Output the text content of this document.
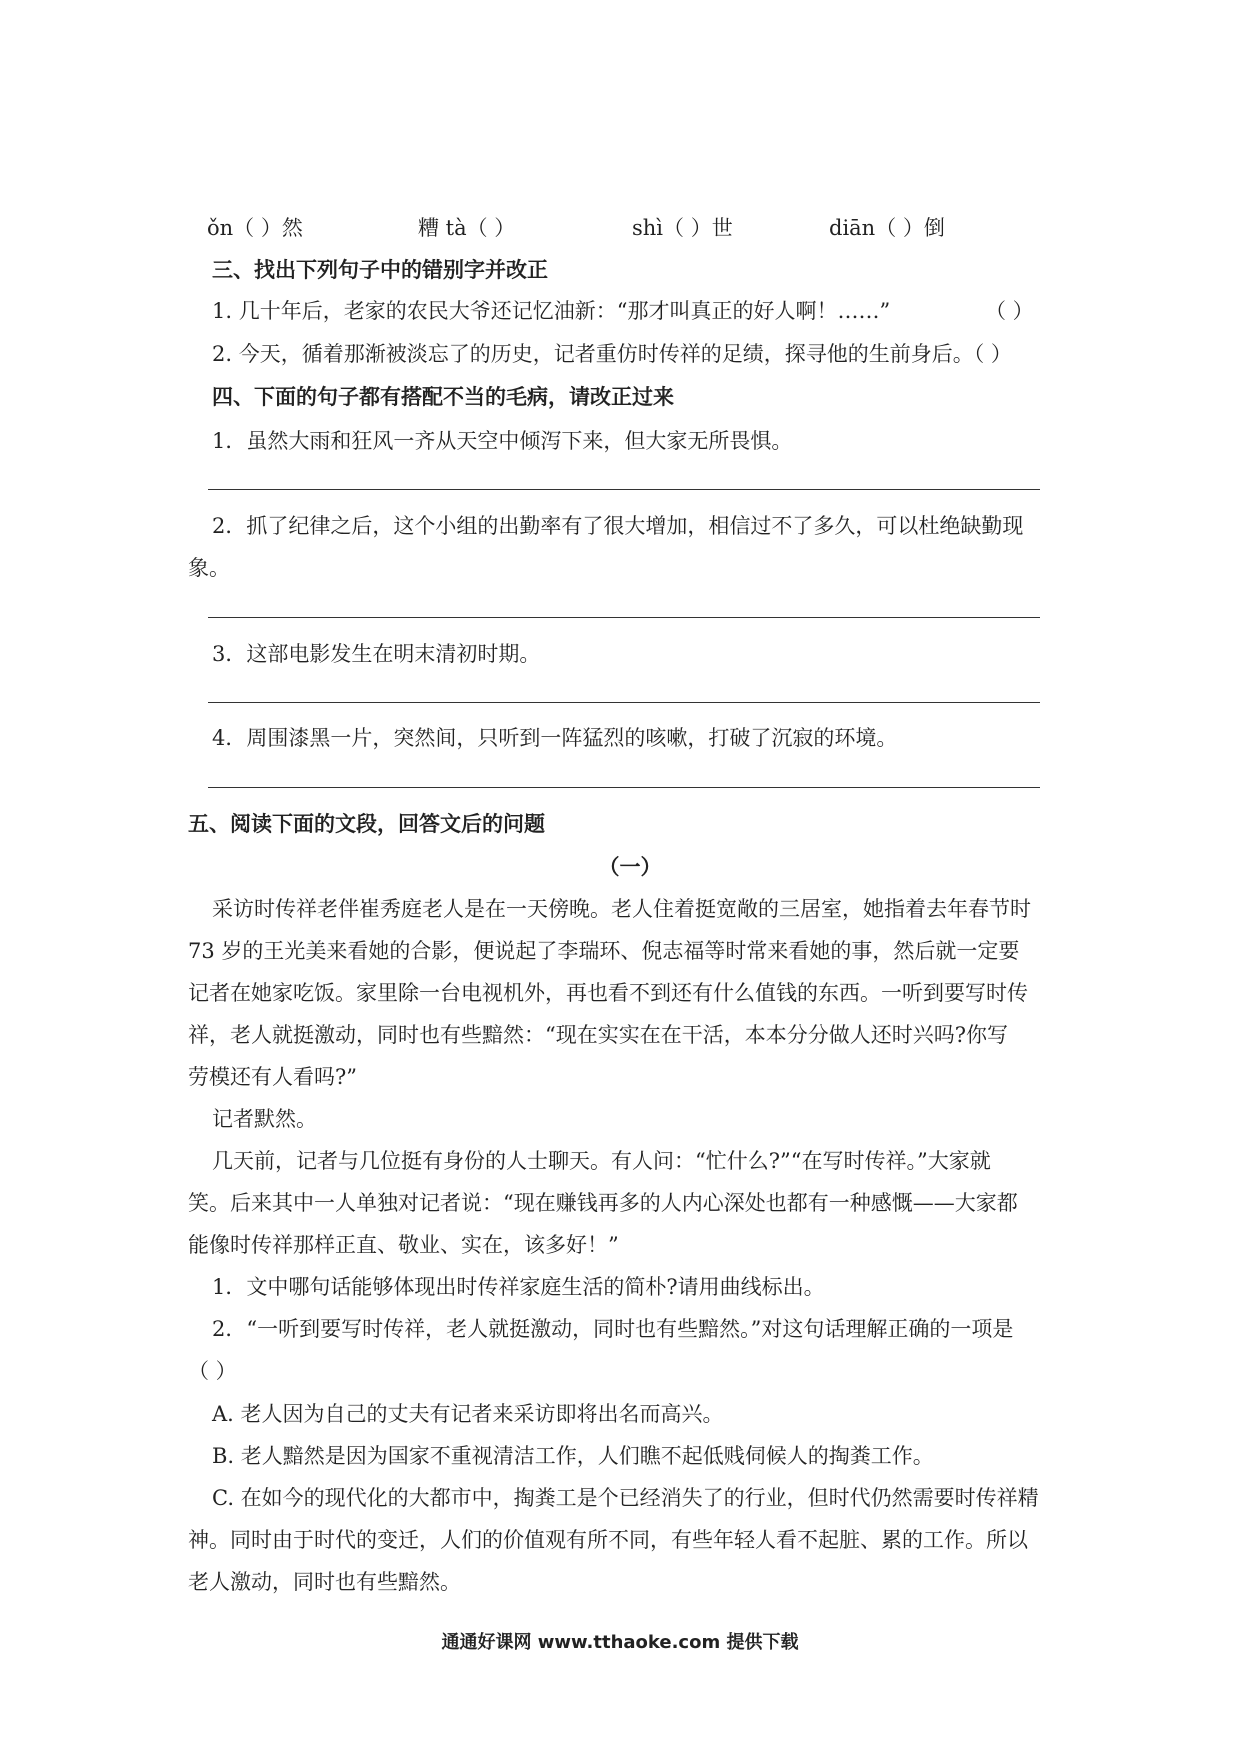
ǒn（ ）然	糟 tà（ ）	shì（ ）世	diān（ ）倒
三、找出下列句子中的错别字并改正
1. 几十年后，老家的农民大爷还记忆油新：“那才叫真正的好人啊！……”	（ ）
2. 今天，循着那渐被淡忘了的历史，记者重仿时传祥的足绩，探寻他的生前身后。（ ）
四、下面的句子都有搭配不当的毛病，请改正过来
1．虽然大雨和狂风一齐从天空中倾泻下来，但大家无所畏惧。
2．抓了纪律之后，这个小组的出勤率有了很大增加，相信过不了多久，可以杜绝缺勤现
象。
3．这部电影发生在明末清初时期。
4．周围漆黑一片，突然间，只听到一阵猛烈的咳嗽，打破了沉寂的环境。
五、阅读下面的文段，回答文后的问题
（一）
采访时传祥老伴崔秀庭老人是在一天傍晚。老人住着挺宽敞的三居室，她指着去年春节时
73 岁的王光美来看她的合影，便说起了李瑞环、倪志福等时常来看她的事，然后就一定要
记者在她家吃饭。家里除一台电视机外，再也看不到还有什么值钱的东西。一听到要写时传
祥，老人就挺激动，同时也有些黯然：“现在实实在在干活，本本分分做人还时兴吗?你写
劳模还有人看吗?”
记者默然。
几天前，记者与几位挺有身份的人士聊天。有人问：“忙什么?”“在写时传祥。”大家就
笑。后来其中一人单独对记者说：“现在赚钱再多的人内心深处也都有一种感慨——大家都
能像时传祥那样正直、敬业、实在，该多好！”
1．文中哪句话能够体现出时传祥家庭生活的简朴?请用曲线标出。
2．“一听到要写时传祥，老人就挺激动，同时也有些黯然。”对这句话理解正确的一项是
（ ）
A. 老人因为自己的丈夫有记者来采访即将出名而高兴。
B. 老人黯然是因为国家不重视清洁工作，人们瞧不起低贱伺候人的掏粪工作。
C. 在如今的现代化的大都市中，掏粪工是个已经消失了的行业，但时代仍然需要时传祥精
神。同时由于时代的变迁，人们的价值观有所不同，有些年轻人看不起脏、累的工作。所以
老人激动，同时也有些黯然。
通通好课网 www.tthaoke.com 提供下载
